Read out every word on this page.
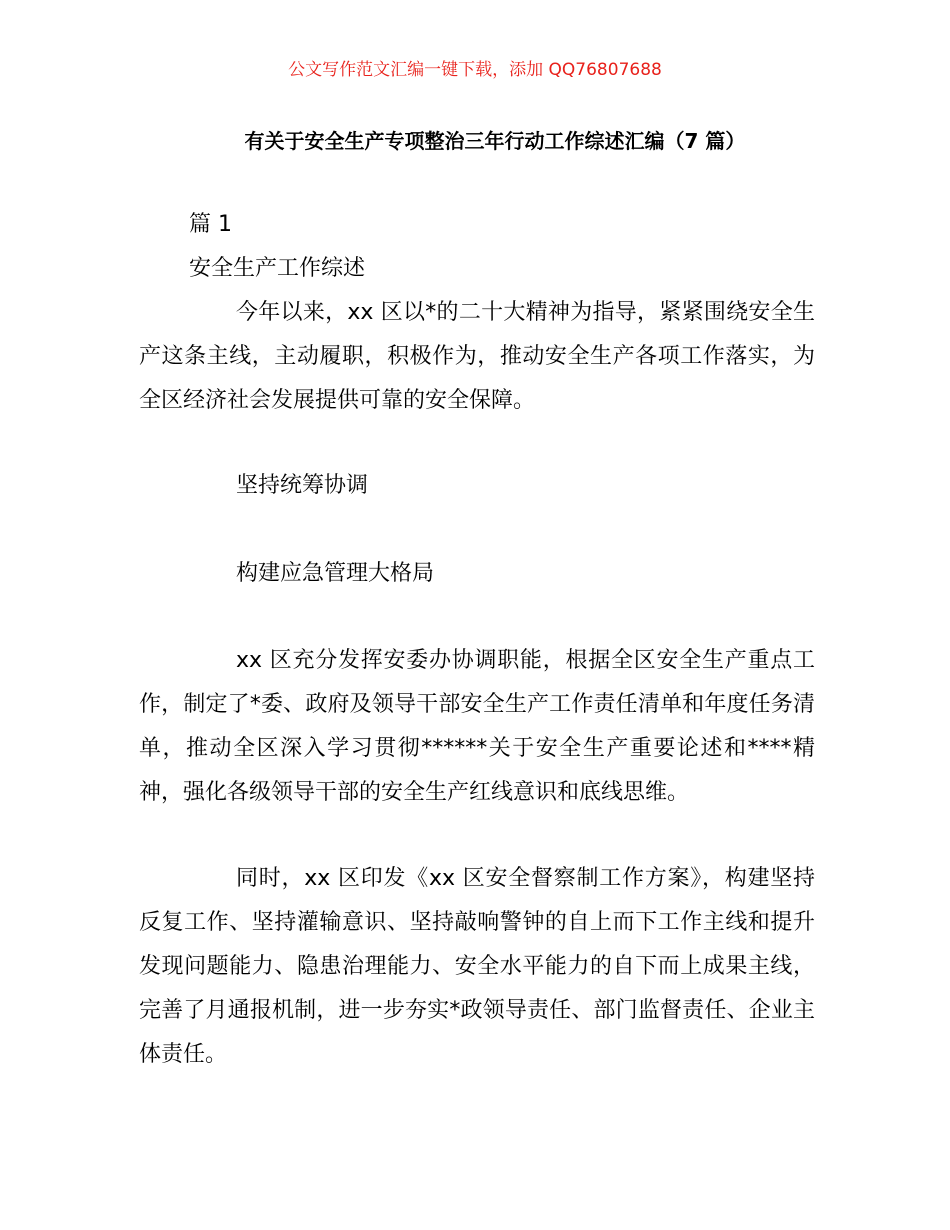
公文写作范文汇编一键下载，添加 QQ76807688
有关于安全生产专项整治三年行动工作综述汇编（7 篇）
篇 1
安全生产工作综述
今年以来，xx 区以*的二十大精神为指导，紧紧围绕安全生产这条主线，主动履职，积极作为，推动安全生产各项工作落实，为全区经济社会发展提供可靠的安全保障。
坚持统筹协调
构建应急管理大格局
xx 区充分发挥安委办协调职能，根据全区安全生产重点工作，制定了*委、政府及领导干部安全生产工作责任清单和年度任务清单，推动全区深入学习贯彻******关于安全生产重要论述和****精神，强化各级领导干部的安全生产红线意识和底线思维。
同时，xx 区印发《xx 区安全督察制工作方案》，构建坚持反复工作、坚持灌输意识、坚持敲响警钟的自上而下工作主线和提升发现问题能力、隐患治理能力、安全水平能力的自下而上成果主线，完善了月通报机制，进一步夯实*政领导责任、部门监督责任、企业主体责任。
